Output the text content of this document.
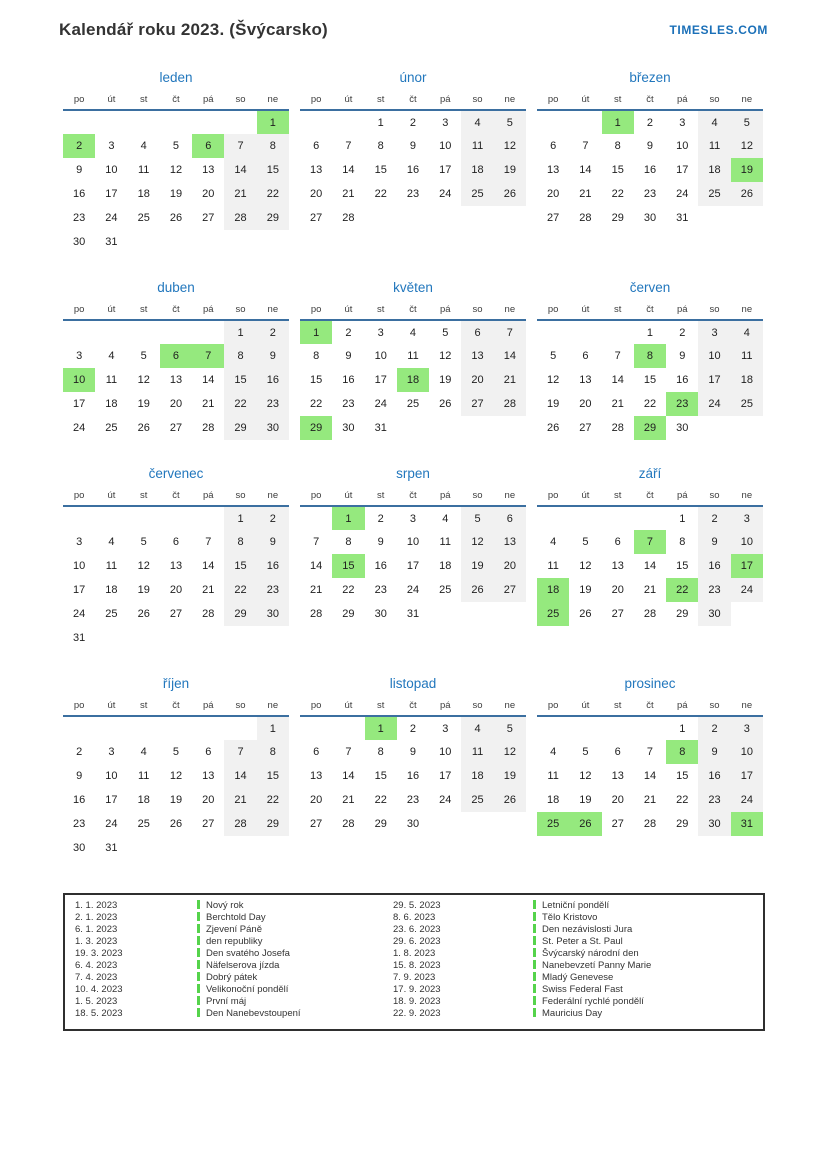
Kalendář roku 2023. (Švýcarsko)	TIMESLES.COM
leden
po	út	st	čt	pá	so	ne
						1
2	3	4	5	6	7	8
9	10	11	12	13	14	15
16	17	18	19	20	21	22
23	24	25	26	27	28	29
30	31					
únor
po	út	st	čt	pá	so	ne
		1	2	3	4	5
6	7	8	9	10	11	12
13	14	15	16	17	18	19
20	21	22	23	24	25	26
27	28					
březen
po	út	st	čt	pá	so	ne
		1	2	3	4	5
6	7	8	9	10	11	12
13	14	15	16	17	18	19
20	21	22	23	24	25	26
27	28	29	30	31		
duben
po	út	st	čt	pá	so	ne
					1	2
3	4	5	6	7	8	9
10	11	12	13	14	15	16
17	18	19	20	21	22	23
24	25	26	27	28	29	30
květen
po	út	st	čt	pá	so	ne
1	2	3	4	5	6	7
8	9	10	11	12	13	14
15	16	17	18	19	20	21
22	23	24	25	26	27	28
29	30	31				
červen
po	út	st	čt	pá	so	ne
			1	2	3	4
5	6	7	8	9	10	11
12	13	14	15	16	17	18
19	20	21	22	23	24	25
26	27	28	29	30		
červenec
po	út	st	čt	pá	so	ne
					1	2
3	4	5	6	7	8	9
10	11	12	13	14	15	16
17	18	19	20	21	22	23
24	25	26	27	28	29	30
31						
srpen
po	út	st	čt	pá	so	ne
	1	2	3	4	5	6
7	8	9	10	11	12	13
14	15	16	17	18	19	20
21	22	23	24	25	26	27
28	29	30	31			
září
po	út	st	čt	pá	so	ne
				1	2	3
4	5	6	7	8	9	10
11	12	13	14	15	16	17
18	19	20	21	22	23	24
25	26	27	28	29	30	
říjen
po	út	st	čt	pá	so	ne
						1
2	3	4	5	6	7	8
9	10	11	12	13	14	15
16	17	18	19	20	21	22
23	24	25	26	27	28	29
30	31					
listopad
po	út	st	čt	pá	so	ne
		1	2	3	4	5
6	7	8	9	10	11	12
13	14	15	16	17	18	19
20	21	22	23	24	25	26
27	28	29	30			
prosinec
po	út	st	čt	pá	so	ne
				1	2	3
4	5	6	7	8	9	10
11	12	13	14	15	16	17
18	19	20	21	22	23	24
25	26	27	28	29	30	31
1. 1. 2023	Nový rok	29. 5. 2023	Letniční pondělí
2. 1. 2023	Berchtold Day	8. 6. 2023	Tělo Kristovo
6. 1. 2023	Zjevení Páně	23. 6. 2023	Den nezávislosti Jura
1. 3. 2023	den republiky	29. 6. 2023	St. Peter a St. Paul
19. 3. 2023	Den svatého Josefa	1. 8. 2023	Švýcarský národní den
6. 4. 2023	Näfelserova jízda	15. 8. 2023	Nanebevzetí Panny Marie
7. 4. 2023	Dobrý pátek	7. 9. 2023	Mladý Genevese
10. 4. 2023	Velikonoční pondělí	17. 9. 2023	Swiss Federal Fast
1. 5. 2023	První máj	18. 9. 2023	Federální rychlé pondělí
18. 5. 2023	Den Nanebevstoupení	22. 9. 2023	Mauricius Day
